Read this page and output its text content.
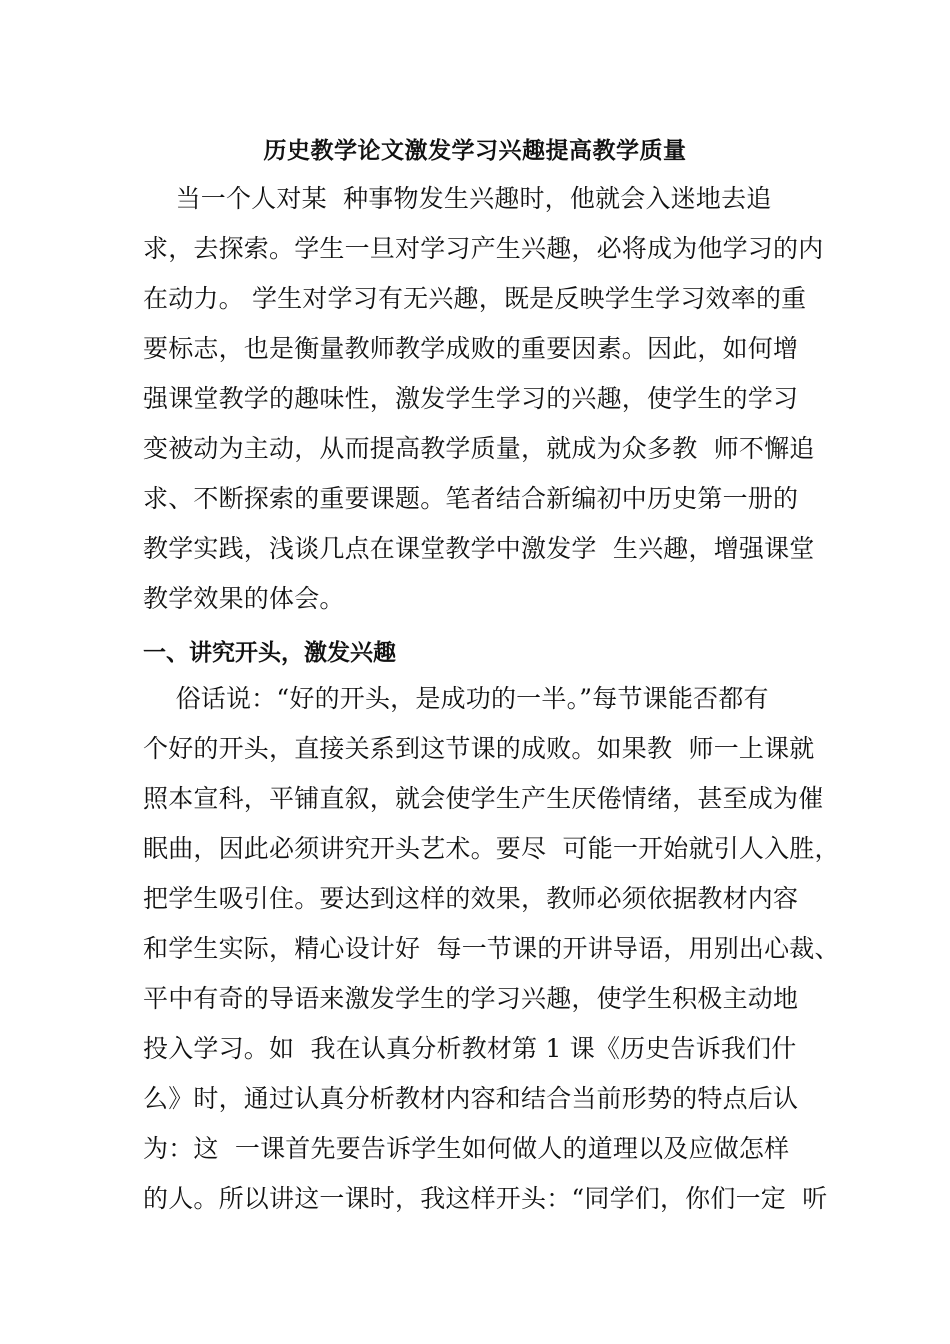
历史教学论文激发学习兴趣提高教学质量
当一个人对某  种事物发生兴趣时，他就会入迷地去追
求，去探索。学生一旦对学习产生兴趣，必将成为他学习的内
在动力。 学生对学习有无兴趣，既是反映学生学习效率的重
要标志，也是衡量教师教学成败的重要因素。因此，如何增
强课堂教学的趣味性，激发学生学习的兴趣，使学生的学习
变被动为主动，从而提高教学质量，就成为众多教  师不懈追
求、不断探索的重要课题。笔者结合新编初中历史第一册的
教学实践，浅谈几点在课堂教学中激发学  生兴趣，增强课堂
教学效果的体会。
一、讲究开头，激发兴趣
俗话说：“好的开头，是成功的一半。”每节课能否都有
个好的开头，直接关系到这节课的成败。如果教  师一上课就
照本宣科，平铺直叙，就会使学生产生厌倦情绪，甚至成为催
眠曲，因此必须讲究开头艺术。要尽  可能一开始就引人入胜，
把学生吸引住。要达到这样的效果，教师必须依据教材内容
和学生实际，精心设计好  每一节课的开讲导语，用别出心裁、
平中有奇的导语来激发学生的学习兴趣，使学生积极主动地
投入学习。如  我在认真分析教材第 1 课《历史告诉我们什
么》时，通过认真分析教材内容和结合当前形势的特点后认
为：这  一课首先要告诉学生如何做人的道理以及应做怎样
的人。所以讲这一课时，我这样开头：“同学们，你们一定  听
